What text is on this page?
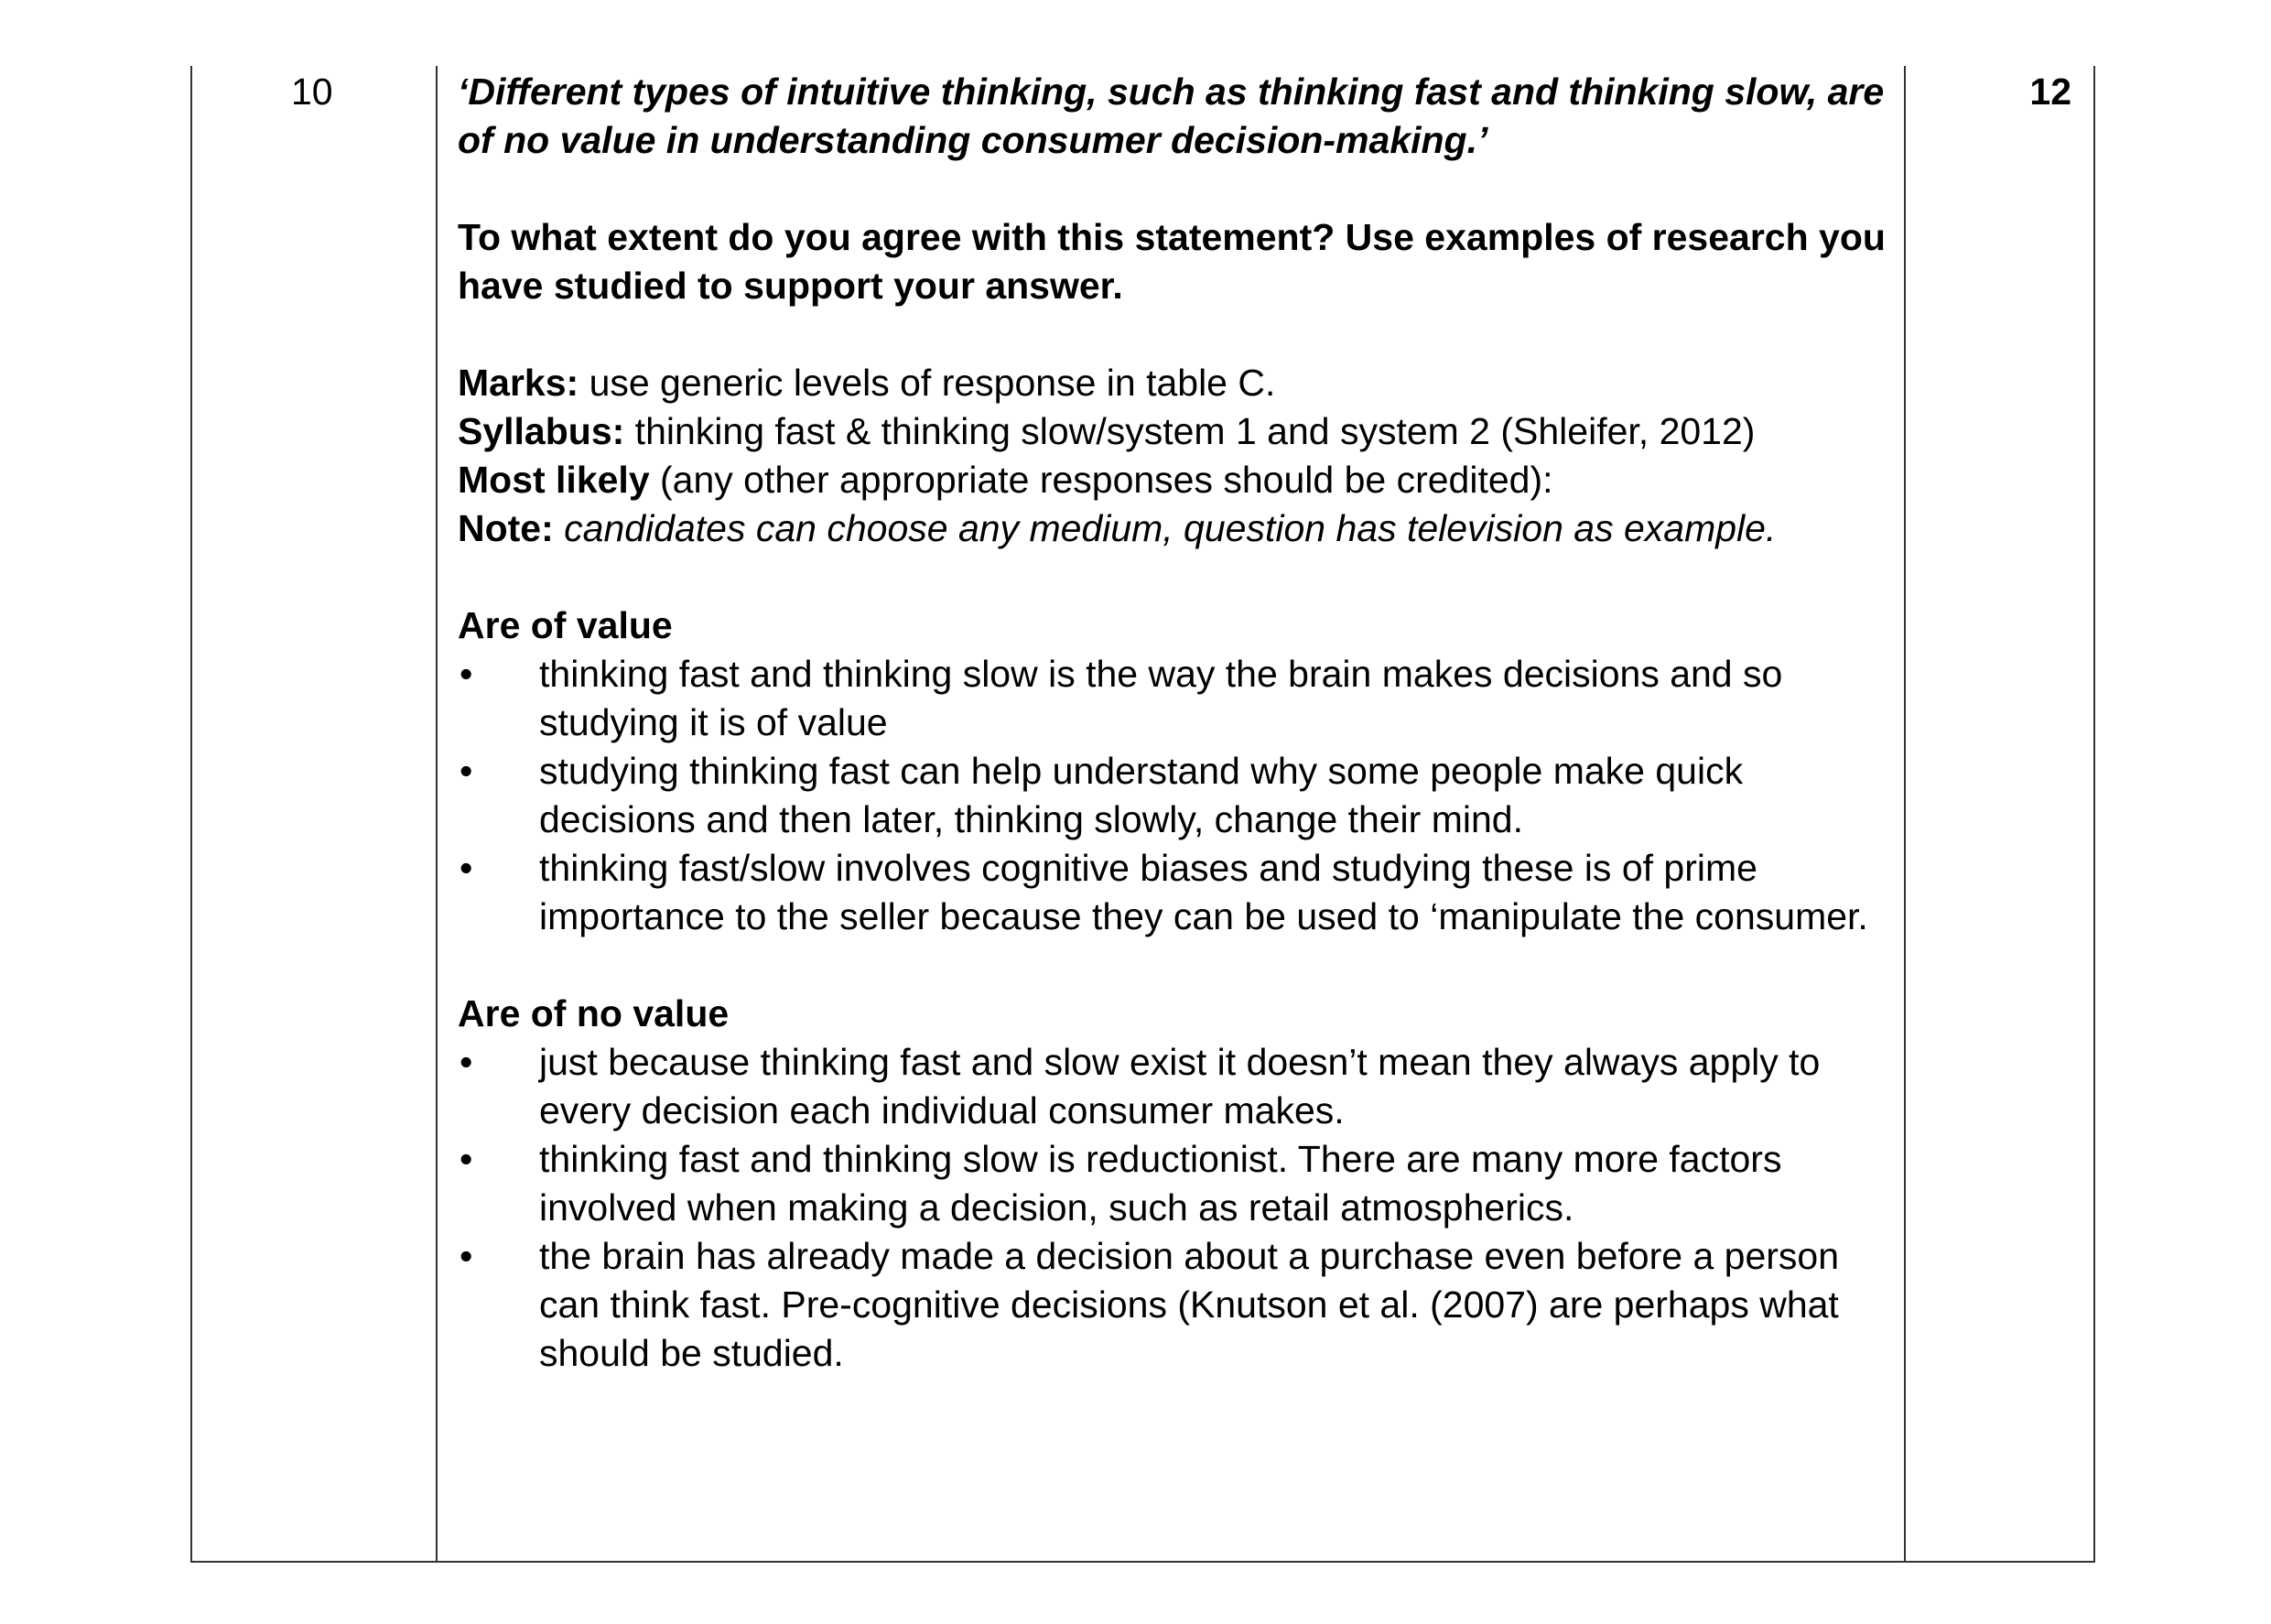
10	‘Different types of intuitive thinking, such as thinking fast and thinking slow, are of no value in understanding consumer decision-making.’

To what extent do you agree with this statement? Use examples of research you have studied to support your answer.

Marks: use generic levels of response in table C.

Syllabus: thinking fast & thinking slow/system 1 and system 2 (Shleifer, 2012)

Most likely (any other appropriate responses should be credited):

Note: candidates can choose any medium, question has television as example.

Are of value

• thinking fast and thinking slow is the way the brain makes decisions and so studying it is of value
• studying thinking fast can help understand why some people make quick decisions and then later, thinking slowly, change their mind.
• thinking fast/slow involves cognitive biases and studying these is of prime importance to the seller because they can be used to ‘manipulate the consumer.

Are of no value

• just because thinking fast and slow exist it doesn’t mean they always apply to every decision each individual consumer makes.
• thinking fast and thinking slow is reductionist. There are many more factors involved when making a decision, such as retail atmospherics.
• the brain has already made a decision about a purchase even before a person can think fast. Pre-cognitive decisions (Knutson et al. (2007) are perhaps what should be studied.
12
